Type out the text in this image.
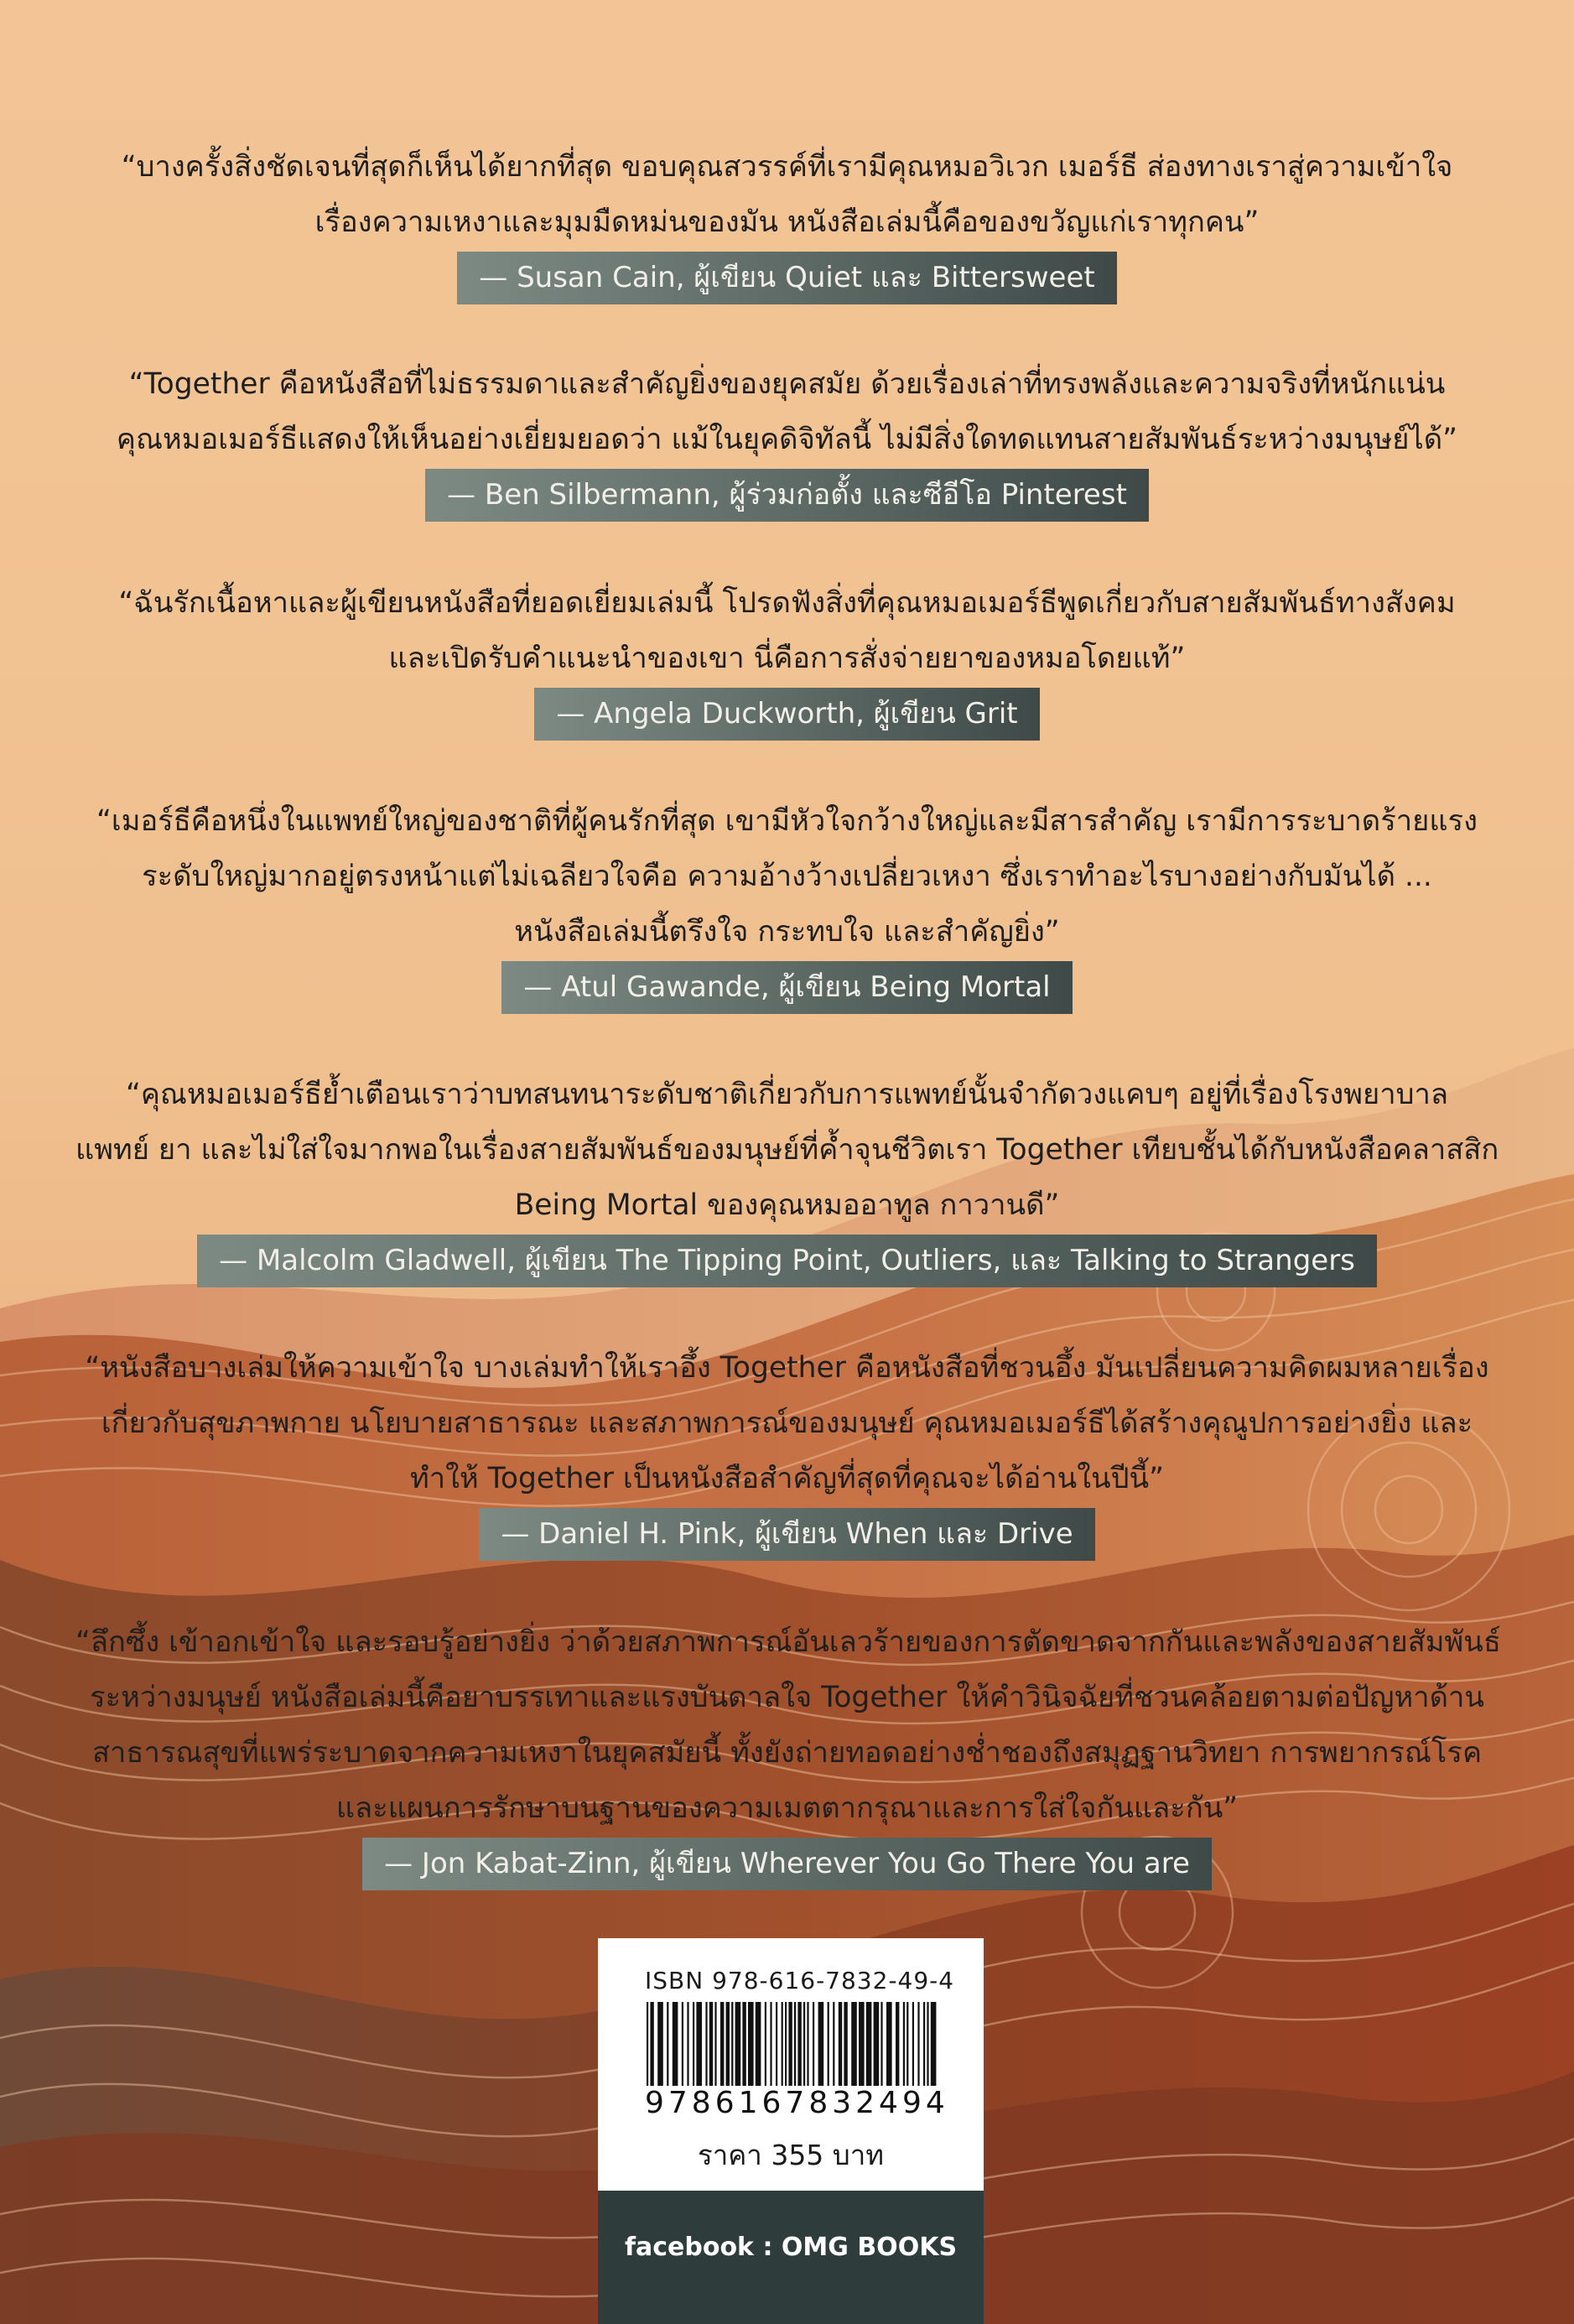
“บางครั้งสิ่งชัดเจนที่สุดก็เห็นได้ยากที่สุด ขอบคุณสวรรค์ที่เรามีคุณหมอวิเวก เมอร์ธี ส่องทางเราสู่ความเข้าใจ
เรื่องความเหงาและมุมมืดหม่นของมัน หนังสือเล่มนี้คือของขวัญแก่เราทุกคน”
— Susan Cain, ผู้เขียน Quiet และ Bittersweet
“Together คือหนังสือที่ไม่ธรรมดาและสำคัญยิ่งของยุคสมัย ด้วยเรื่องเล่าที่ทรงพลังและความจริงที่หนักแน่น
คุณหมอเมอร์ธีแสดงให้เห็นอย่างเยี่ยมยอดว่า แม้ในยุคดิจิทัลนี้ ไม่มีสิ่งใดทดแทนสายสัมพันธ์ระหว่างมนุษย์ได้”
— Ben Silbermann, ผู้ร่วมก่อตั้ง และซีอีโอ Pinterest
“ฉันรักเนื้อหาและผู้เขียนหนังสือที่ยอดเยี่ยมเล่มนี้ โปรดฟังสิ่งที่คุณหมอเมอร์ธีพูดเกี่ยวกับสายสัมพันธ์ทางสังคม
และเปิดรับคำแนะนำของเขา นี่คือการสั่งจ่ายยาของหมอโดยแท้”
— Angela Duckworth, ผู้เขียน Grit
“เมอร์ธีคือหนึ่งในแพทย์ใหญ่ของชาติที่ผู้คนรักที่สุด เขามีหัวใจกว้างใหญ่และมีสารสำคัญ เรามีการระบาดร้ายแรง
ระดับใหญ่มากอยู่ตรงหน้าแต่ไม่เฉลียวใจคือ ความอ้างว้างเปลี่ยวเหงา ซึ่งเราทำอะไรบางอย่างกับมันได้ ...
หนังสือเล่มนี้ตรึงใจ กระทบใจ และสำคัญยิ่ง”
— Atul Gawande, ผู้เขียน Being Mortal
“คุณหมอเมอร์ธีย้ำเตือนเราว่าบทสนทนาระดับชาติเกี่ยวกับการแพทย์นั้นจำกัดวงแคบๆ อยู่ที่เรื่องโรงพยาบาล
แพทย์ ยา และไม่ใส่ใจมากพอในเรื่องสายสัมพันธ์ของมนุษย์ที่ค้ำจุนชีวิตเรา Together เทียบชั้นได้กับหนังสือคลาสสิก
Being Mortal ของคุณหมออาทูล กาวานดี”
— Malcolm Gladwell, ผู้เขียน The Tipping Point, Outliers, และ Talking to Strangers
“หนังสือบางเล่มให้ความเข้าใจ บางเล่มทำให้เราอึ้ง Together คือหนังสือที่ชวนอึ้ง มันเปลี่ยนความคิดผมหลายเรื่อง
เกี่ยวกับสุขภาพกาย นโยบายสาธารณะ และสภาพการณ์ของมนุษย์ คุณหมอเมอร์ธีได้สร้างคุณูปการอย่างยิ่ง และ
ทำให้ Together เป็นหนังสือสำคัญที่สุดที่คุณจะได้อ่านในปีนี้”
— Daniel H. Pink, ผู้เขียน When และ Drive
“ลึกซึ้ง เข้าอกเข้าใจ และรอบรู้อย่างยิ่ง ว่าด้วยสภาพการณ์อันเลวร้ายของการตัดขาดจากกันและพลังของสายสัมพันธ์
ระหว่างมนุษย์ หนังสือเล่มนี้คือยาบรรเทาและแรงบันดาลใจ Together ให้คำวินิจฉัยที่ชวนคล้อยตามต่อปัญหาด้าน
สาธารณสุขที่แพร่ระบาดจากความเหงาในยุคสมัยนี้ ทั้งยังถ่ายทอดอย่างช่ำชองถึงสมุฏฐานวิทยา การพยากรณ์โรค
และแผนการรักษาบนฐานของความเมตตากรุณาและการใส่ใจกันและกัน”
— Jon Kabat-Zinn, ผู้เขียน Wherever You Go There You are
ISBN 978-616-7832-49-4
9786167832494
ราคา 355 บาท
facebook : OMG BOOKS
